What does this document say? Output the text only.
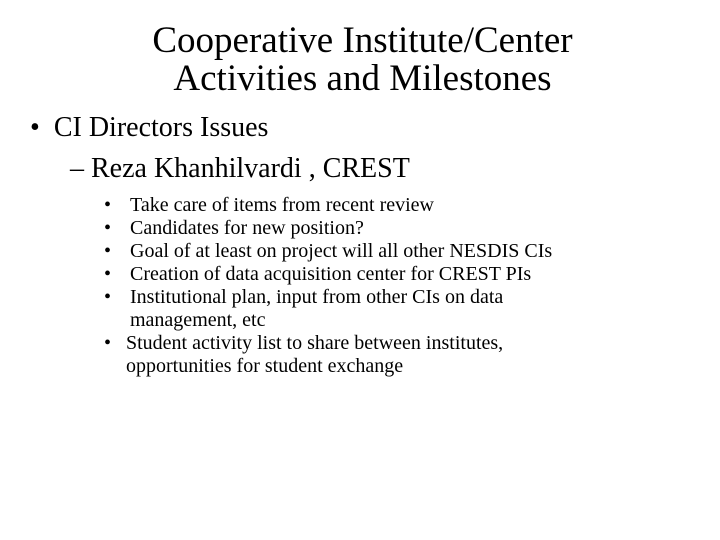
Cooperative Institute/Center
Activities and Milestones
• CI Directors Issues
– Reza Khanhilvardi , CREST
• Take care of items from recent review
• Candidates for new position?
• Goal of at least on project will all other NESDIS CIs
• Creation of data acquisition center for CREST PIs
• Institutional plan, input from other CIs on data
management, etc
• Student activity list to share between institutes,
opportunities for student exchange
